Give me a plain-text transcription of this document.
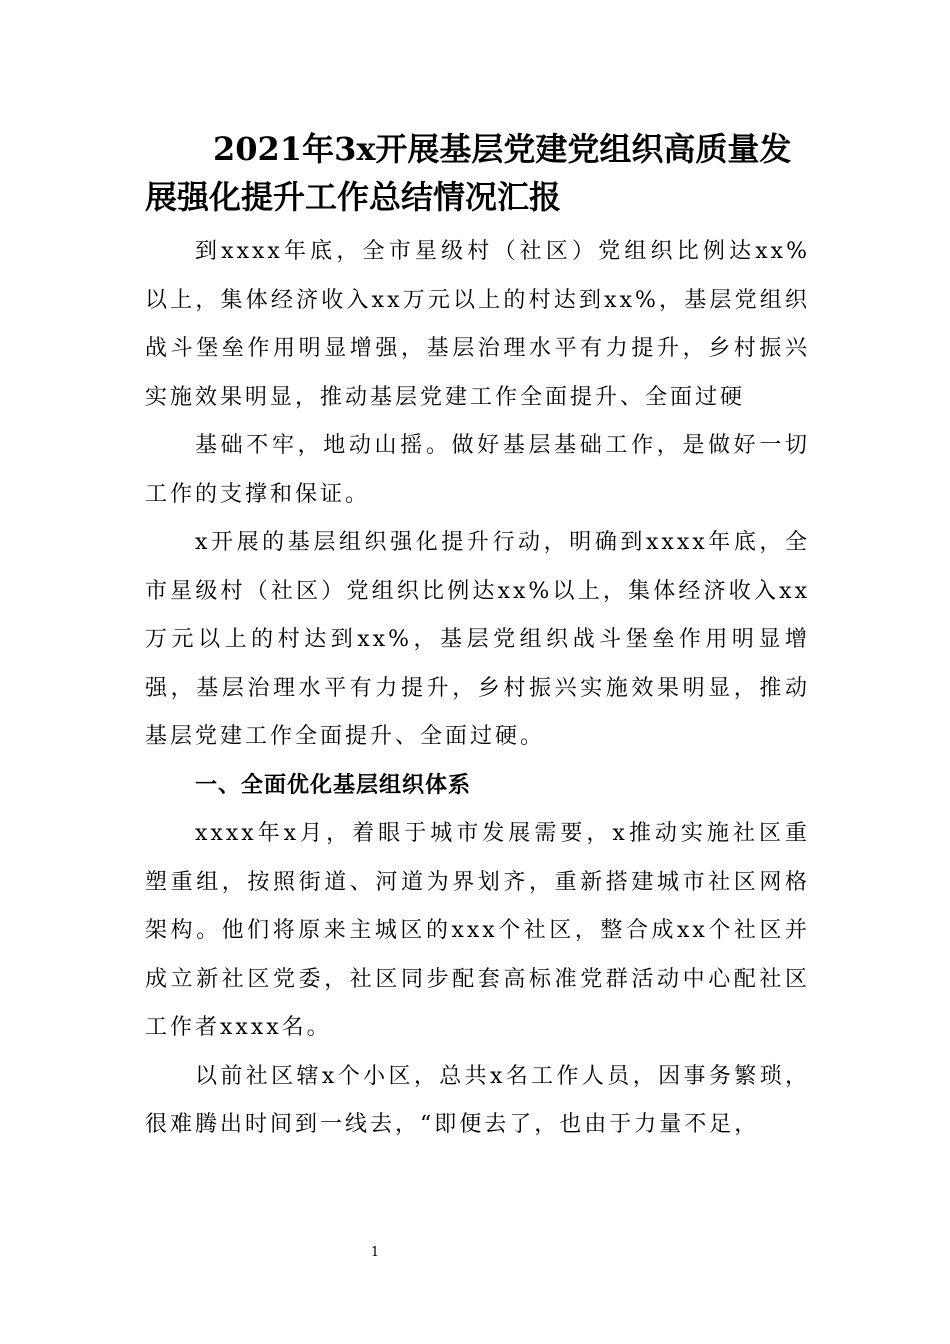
2021年3x开展基层党建党组织高质量发展强化提升工作总结情况汇报

到xxxx年底，全市星级村（社区）党组织比例达xx%以上，集体经济收入xx万元以上的村达到xx%，基层党组织战斗堡垒作用明显增强，基层治理水平有力提升，乡村振兴实施效果明显，推动基层党建工作全面提升、全面过硬

基础不牢，地动山摇。做好基层基础工作，是做好一切工作的支撑和保证。

x开展的基层组织强化提升行动，明确到xxxx年底，全市星级村（社区）党组织比例达xx%以上，集体经济收入xx万元以上的村达到xx%，基层党组织战斗堡垒作用明显增强，基层治理水平有力提升，乡村振兴实施效果明显，推动基层党建工作全面提升、全面过硬。

一、全面优化基层组织体系

xxxx年x月，着眼于城市发展需要，x推动实施社区重塑重组，按照街道、河道为界划齐，重新搭建城市社区网格架构。他们将原来主城区的xxx个社区，整合成xx个社区并成立新社区党委，社区同步配套高标准党群活动中心配社区工作者xxxx名。

以前社区辖x个小区，总共x名工作人员，因事务繁琐，很难腾出时间到一线去，“即便去了，也由于力量不足，

1
